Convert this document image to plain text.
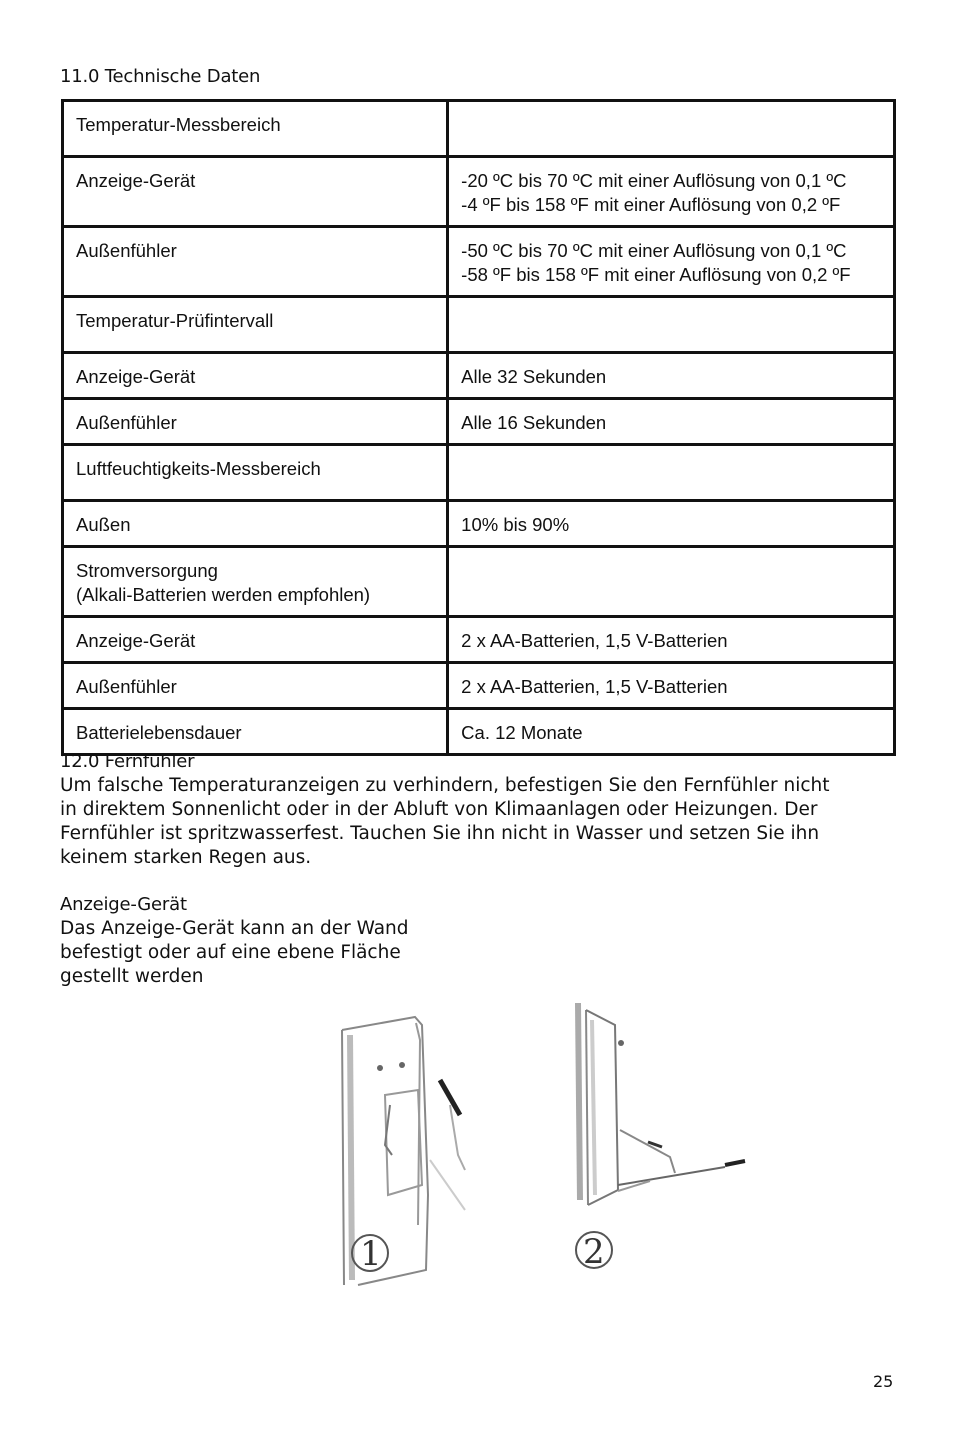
11.0 Technische Daten
Temperatur-Messbereich	
Anzeige-Gerät	-20 ºC bis 70 ºC mit einer Auflösung von 0,1 ºC
-4 ºF bis 158 ºF mit einer Auflösung von 0,2 ºF
Außenfühler	-50 ºC bis 70 ºC mit einer Auflösung von 0,1 ºC
-58 ºF bis 158 ºF mit einer Auflösung von 0,2 ºF
Temperatur-Prüfintervall	
Anzeige-Gerät	Alle 32 Sekunden
Außenfühler	Alle 16 Sekunden
Luftfeuchtigkeits-Messbereich	
Außen	10% bis 90%
Stromversorgung
(Alkali-Batterien werden empfohlen)	
Anzeige-Gerät	2 x AA-Batterien, 1,5 V-Batterien
Außenfühler	2 x AA-Batterien, 1,5 V-Batterien
Batterielebensdauer	Ca. 12 Monate
12.0 Fernfühler

Um falsche Temperaturanzeigen zu verhindern, befestigen Sie den Fernfühler nicht

in direktem Sonnenlicht oder in der Abluft von Klimaanlagen oder Heizungen. Der

Fernfühler ist spritzwasserfest. Tauchen Sie ihn nicht in Wasser und setzen Sie ihn

keinem starken Regen aus.

Anzeige-Gerät

Das Anzeige-Gerät kann an der Wand

befestigt oder auf eine ebene Fläche

gestellt werden

1	2
25
